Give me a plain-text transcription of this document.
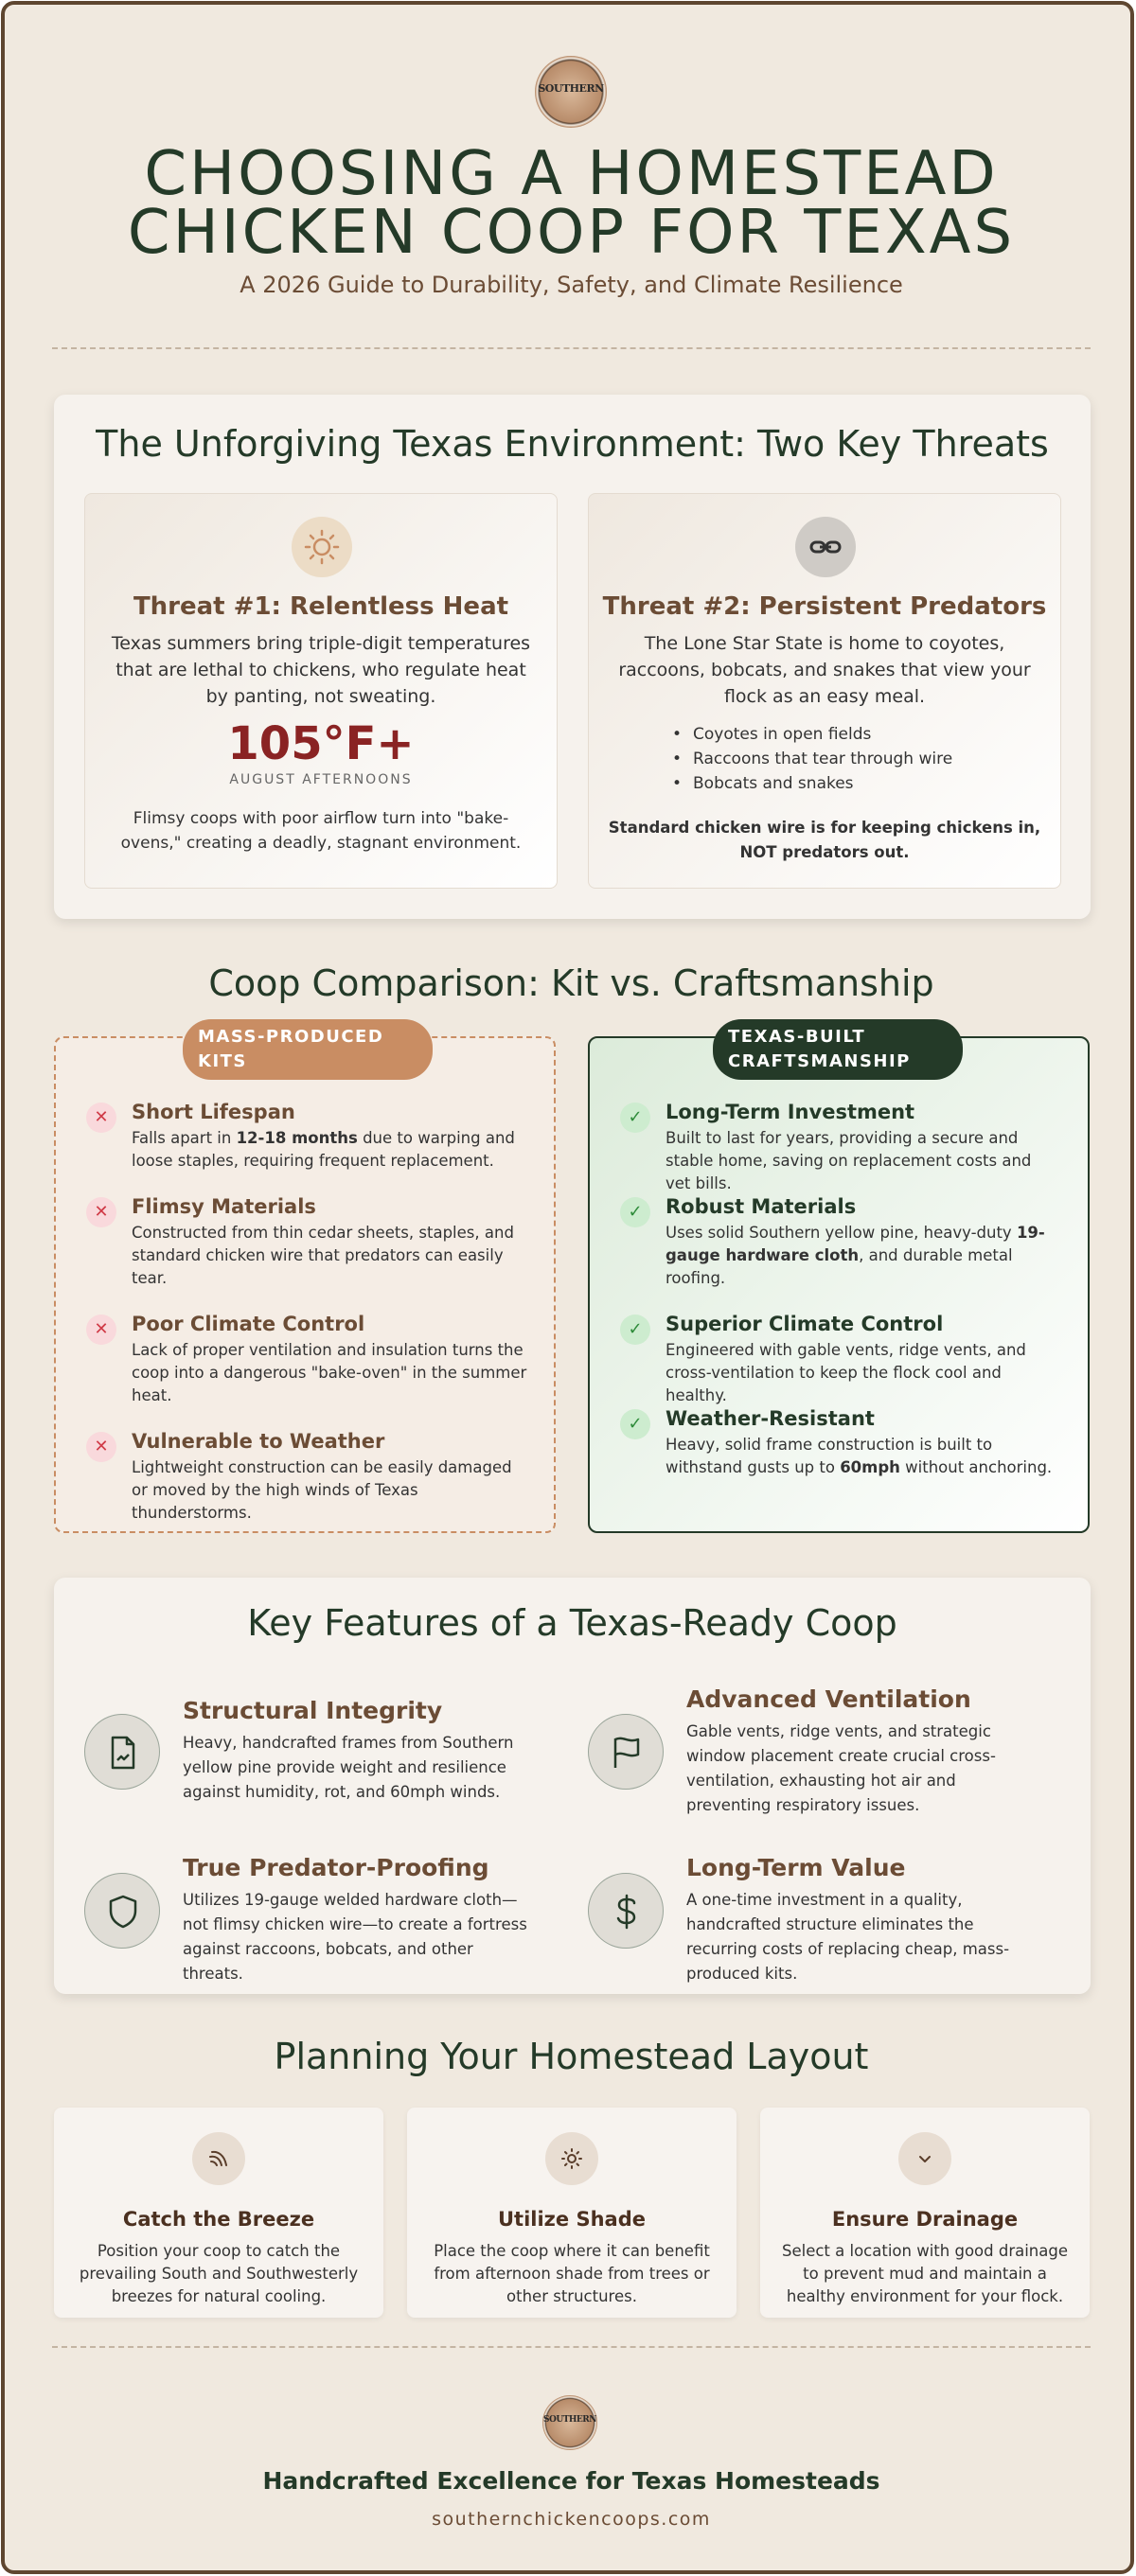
SOUTHERN
CHOOSING A HOMESTEAD
CHICKEN COOP FOR TEXAS
A 2026 Guide to Durability, Safety, and Climate Resilience
The Unforgiving Texas Environment: Two Key Threats
Threat #1: Relentless Heat
Texas summers bring triple-digit temperatures that are lethal to chickens, who regulate heat by panting, not sweating.
105°F+
AUGUST AFTERNOONS
Flimsy coops with poor airflow turn into "bake-ovens," creating a deadly, stagnant environment.
Threat #2: Persistent Predators
The Lone Star State is home to coyotes, raccoons, bobcats, and snakes that view your flock as an easy meal.
• Coyotes in open fields
• Raccoons that tear through wire
• Bobcats and snakes
Standard chicken wire is for keeping chickens in,
NOT predators out.
Coop Comparison: Kit vs. Craftsmanship
MASS-PRODUCED
KITS
✕	Short Lifespan
Falls apart in 12-18 months due to warping and loose staples, requiring frequent replacement.
✕	Flimsy Materials
Constructed from thin cedar sheets, staples, and standard chicken wire that predators can easily tear.
✕	Poor Climate Control
Lack of proper ventilation and insulation turns the coop into a dangerous "bake-oven" in the summer heat.
✕	Vulnerable to Weather
Lightweight construction can be easily damaged or moved by the high winds of Texas thunderstorms.
TEXAS-BUILT
CRAFTSMANSHIP
✓	Long-Term Investment
Built to last for years, providing a secure and stable home, saving on replacement costs and vet bills.
✓	Robust Materials
Uses solid Southern yellow pine, heavy-duty 19-gauge hardware cloth, and durable metal roofing.
✓	Superior Climate Control
Engineered with gable vents, ridge vents, and cross-ventilation to keep the flock cool and healthy.
✓	Weather-Resistant
Heavy, solid frame construction is built to withstand gusts up to 60mph without anchoring.
Key Features of a Texas-Ready Coop
Structural Integrity
Heavy, handcrafted frames from Southern yellow pine provide weight and resilience against humidity, rot, and 60mph winds.
Advanced Ventilation
Gable vents, ridge vents, and strategic window placement create crucial cross-ventilation, exhausting hot air and preventing respiratory issues.
True Predator-Proofing
Utilizes 19-gauge welded hardware cloth—not flimsy chicken wire—to create a fortress against raccoons, bobcats, and other threats.
Long-Term Value
A one-time investment in a quality, handcrafted structure eliminates the recurring costs of replacing cheap, mass-produced kits.
Planning Your Homestead Layout
Catch the Breeze
Position your coop to catch the prevailing South and Southwesterly breezes for natural cooling.
Utilize Shade
Place the coop where it can benefit from afternoon shade from trees or other structures.
Ensure Drainage
Select a location with good drainage to prevent mud and maintain a healthy environment for your flock.
SOUTHERN
Handcrafted Excellence for Texas Homesteads
southernchickencoops.com
